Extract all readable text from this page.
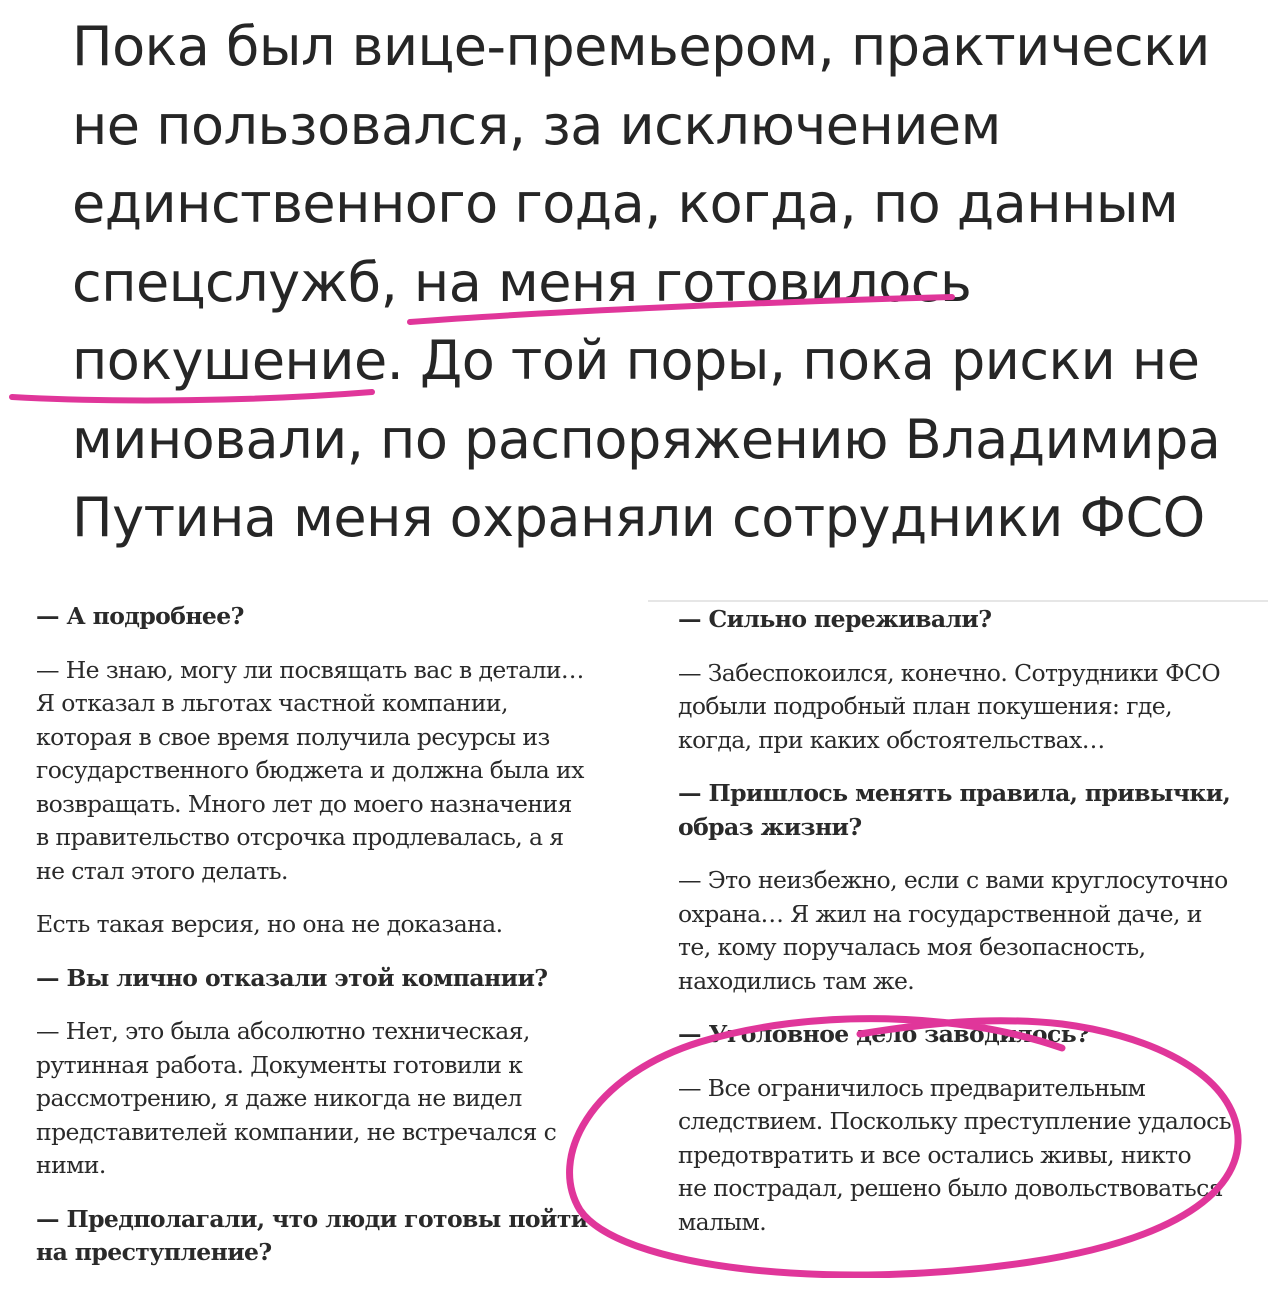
Пока был вице-премьером, практически
не пользовался, за исключением
единственного года, когда, по данным
спецслужб, на меня готовилось
покушение. До той поры, пока риски не
миновали, по распоряжению Владимира
Путина меня охраняли сотрудники ФСО

— А подробнее?

— Не знаю, могу ли посвящать вас в детали…
Я отказал в льготах частной компании,
которая в свое время получила ресурсы из
государственного бюджета и должна была их
возвращать. Много лет до моего назначения
в правительство отсрочка продлевалась, а я
не стал этого делать.

Есть такая версия, но она не доказана.

— Вы лично отказали этой компании?

— Нет, это была абсолютно техническая,
рутинная работа. Документы готовили к
рассмотрению, я даже никогда не видел
представителей компании, не встречался с
ними.

— Предполагали, что люди готовы пойти
на преступление?

— Сильно переживали?

— Забеспокоился, конечно. Сотрудники ФСО
добыли подробный план покушения: где,
когда, при каких обстоятельствах…

— Пришлось менять правила, привычки,
образ жизни?

— Это неизбежно, если с вами круглосуточно
охрана… Я жил на государственной даче, и
те, кому поручалась моя безопасность,
находились там же.

— Уголовное дело заводилось?

— Все ограничилось предварительным
следствием. Поскольку преступление удалось
предотвратить и все остались живы, никто
не пострадал, решено было довольствоваться
малым.
